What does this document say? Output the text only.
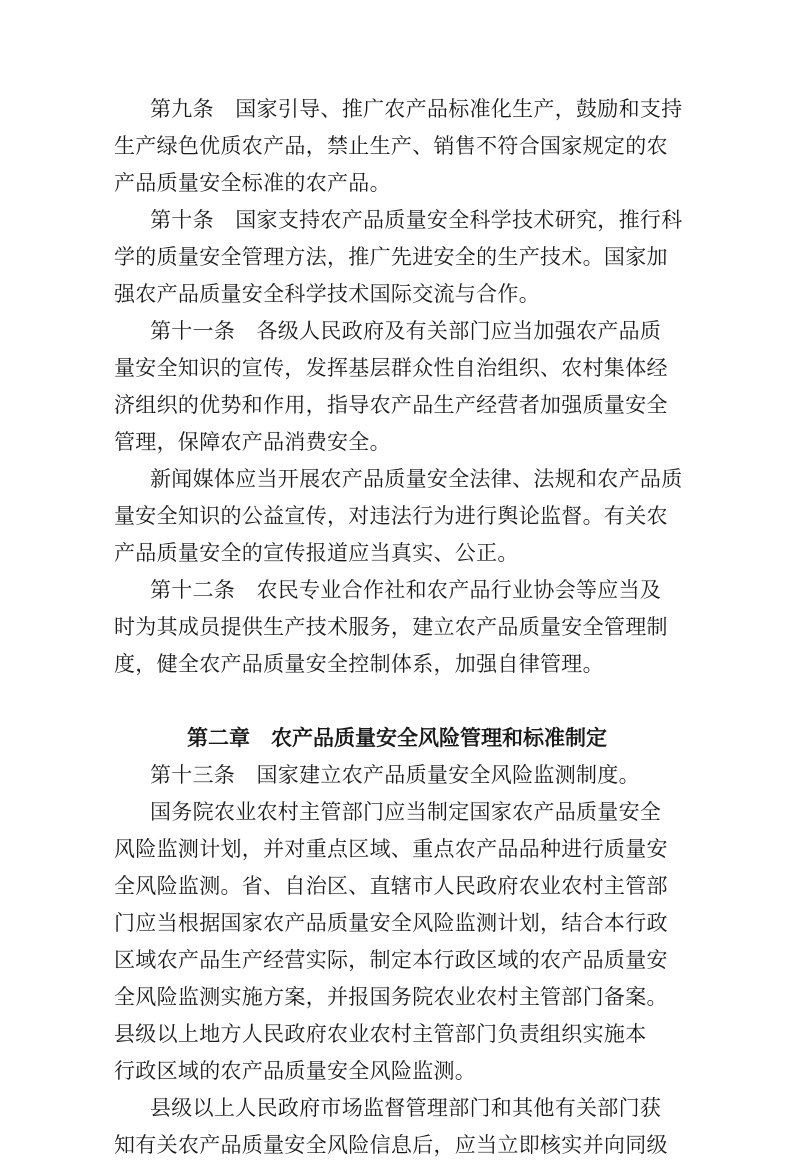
第九条　国家引导、推广农产品标准化生产，鼓励和支持
生产绿色优质农产品，禁止生产、销售不符合国家规定的农
产品质量安全标准的农产品。
第十条　国家支持农产品质量安全科学技术研究，推行科
学的质量安全管理方法，推广先进安全的生产技术。国家加
强农产品质量安全科学技术国际交流与合作。
第十一条　各级人民政府及有关部门应当加强农产品质
量安全知识的宣传，发挥基层群众性自治组织、农村集体经
济组织的优势和作用，指导农产品生产经营者加强质量安全
管理，保障农产品消费安全。
新闻媒体应当开展农产品质量安全法律、法规和农产品质
量安全知识的公益宣传，对违法行为进行舆论监督。有关农
产品质量安全的宣传报道应当真实、公正。
第十二条　农民专业合作社和农产品行业协会等应当及
时为其成员提供生产技术服务，建立农产品质量安全管理制
度，健全农产品质量安全控制体系，加强自律管理。
第二章　农产品质量安全风险管理和标准制定
第十三条　国家建立农产品质量安全风险监测制度。
国务院农业农村主管部门应当制定国家农产品质量安全
风险监测计划，并对重点区域、重点农产品品种进行质量安
全风险监测。省、自治区、直辖市人民政府农业农村主管部
门应当根据国家农产品质量安全风险监测计划，结合本行政
区域农产品生产经营实际，制定本行政区域的农产品质量安
全风险监测实施方案，并报国务院农业农村主管部门备案。
县级以上地方人民政府农业农村主管部门负责组织实施本
行政区域的农产品质量安全风险监测。
县级以上人民政府市场监督管理部门和其他有关部门获
知有关农产品质量安全风险信息后，应当立即核实并向同级
